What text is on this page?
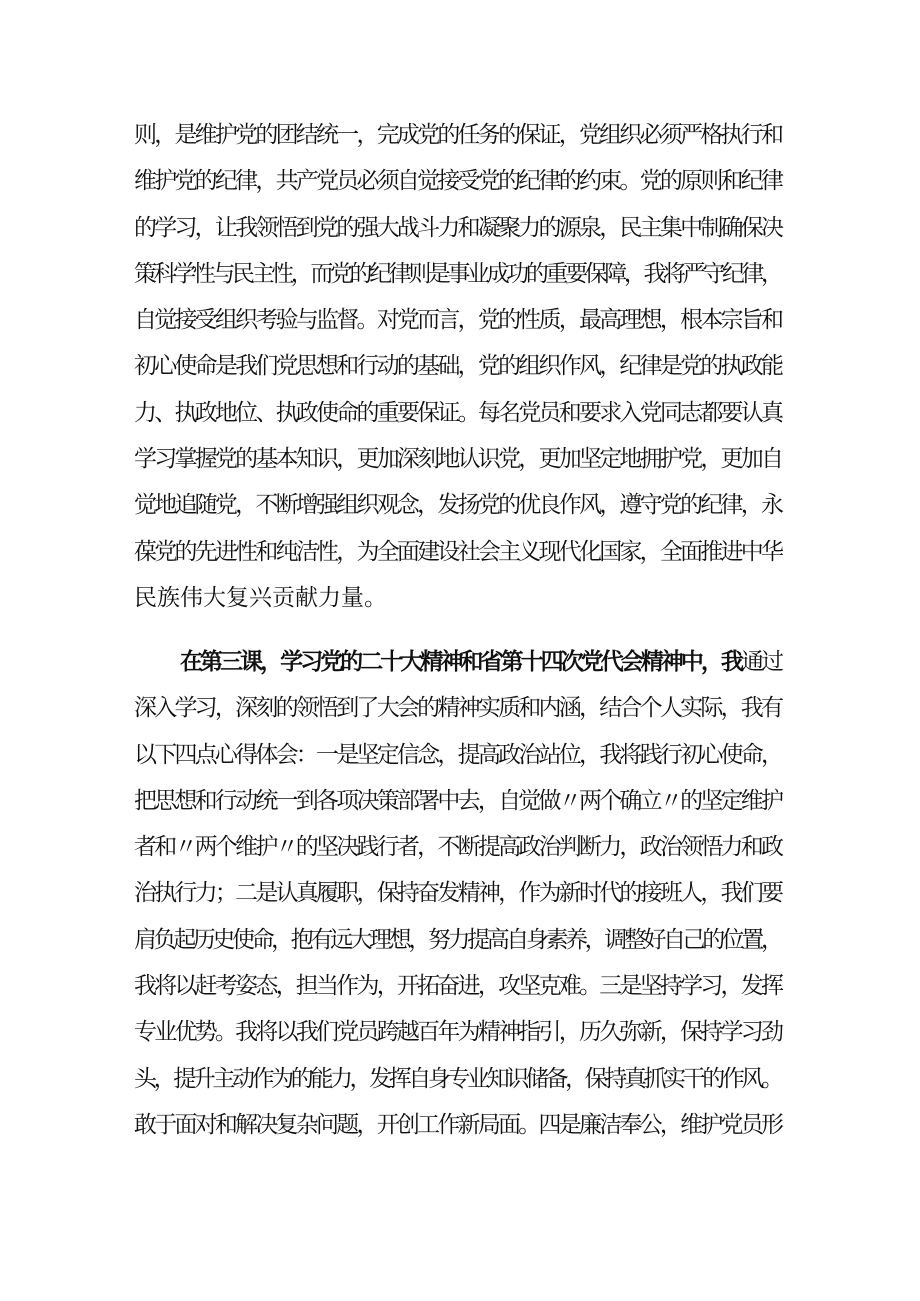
则，是维护党的团结统一，完成党的任务的保证，党组织必须严格执行和
维护党的纪律，共产党员必须自觉接受党的纪律的约束。党的原则和纪律
的学习，让我领悟到党的强大战斗力和凝聚力的源泉，民主集中制确保决
策科学性与民主性，而党的纪律则是事业成功的重要保障，我将严守纪律，
自觉接受组织考验与监督。对党而言，党的性质，最高理想，根本宗旨和
初心使命是我们党思想和行动的基础，党的组织作风，纪律是党的执政能
力、执政地位、执政使命的重要保证。每名党员和要求入党同志都要认真
学习掌握党的基本知识，更加深刻地认识党，更加坚定地拥护党，更加自
觉地追随党，不断增强组织观念，发扬党的优良作风，遵守党的纪律，永
葆党的先进性和纯洁性，为全面建设社会主义现代化国家，全面推进中华
民族伟大复兴贡献力量。
在第三课，学习党的二十大精神和省第十四次党代会精神中，我通过
深入学习，深刻的领悟到了大会的精神实质和内涵，结合个人实际，我有
以下四点心得体会：一是坚定信念，提高政治站位，我将践行初心使命，
把思想和行动统一到各项决策部署中去，自觉做〃两个确立〃的坚定维护
者和〃两个维护〃的坚决践行者，不断提高政治判断力，政治领悟力和政
治执行力；二是认真履职，保持奋发精神，作为新时代的接班人，我们要
肩负起历史使命，抱有远大理想，努力提高自身素养，调整好自己的位置，
我将以赶考姿态，担当作为，开拓奋进，攻坚克难。三是坚持学习，发挥
专业优势。我将以我们党员跨越百年为精神指引，历久弥新，保持学习劲
头，提升主动作为的能力，发挥自身专业知识储备，保持真抓实干的作风。
敢于面对和解决复杂问题，开创工作新局面。四是廉洁奉公，维护党员形
